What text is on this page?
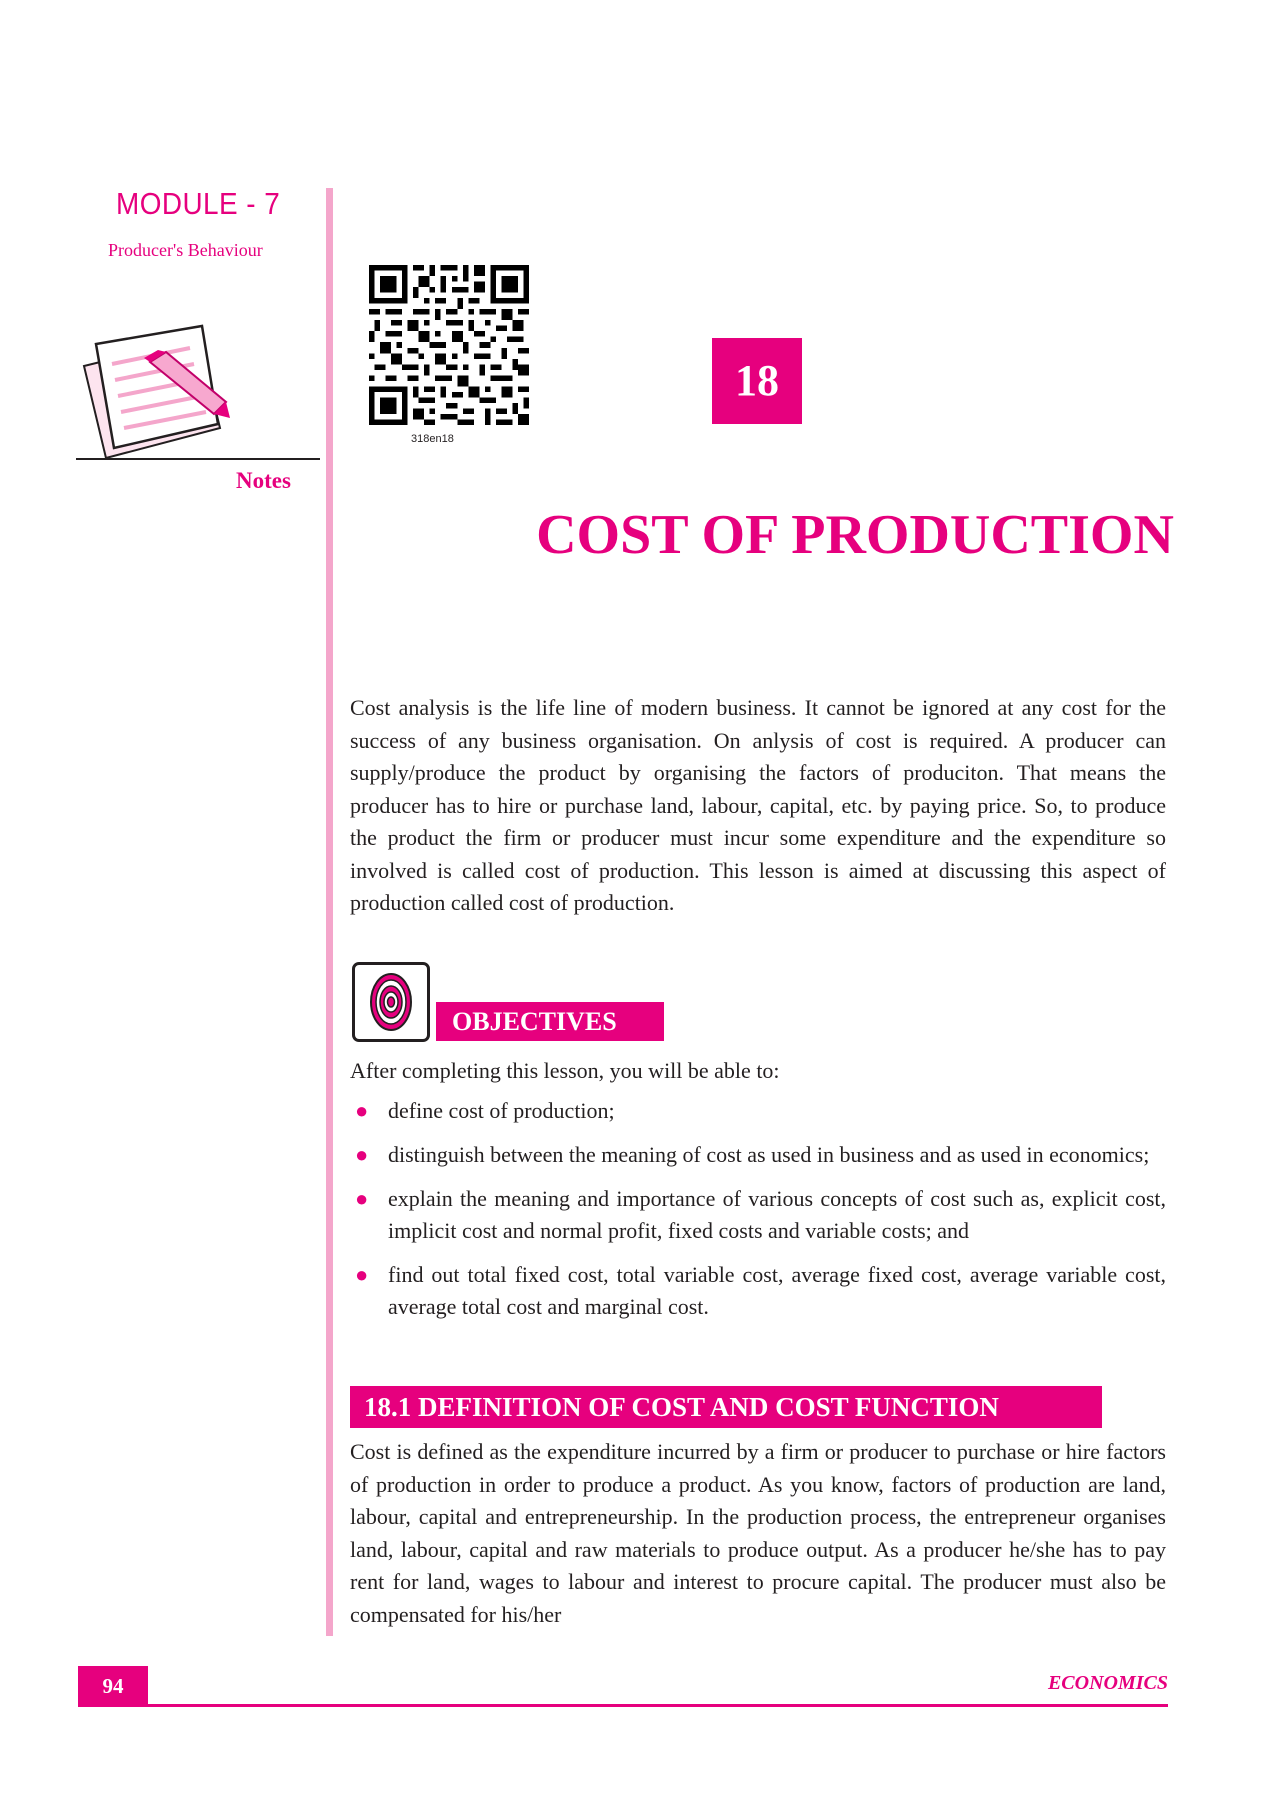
MODULE - 7
Producer's Behaviour
Notes
318en18
18
COST OF PRODUCTION

Cost analysis is the life line of modern business. It cannot be ignored at any cost for the success of any business organisation. On anlysis of cost is required. A producer can supply/produce the product by organising the factors of produciton. That means the producer has to hire or purchase land, labour, capital, etc. by paying price. So, to produce the product the firm or producer must incur some expenditure and the expenditure so involved is called cost of production. This lesson is aimed at discussing this aspect of production called cost of production.

OBJECTIVES
After completing this lesson, you will be able to:
● define cost of production;
● distinguish between the meaning of cost as used in business and as used in economics;
● explain the meaning and importance of various concepts of cost such as, explicit cost, implicit cost and normal profit, fixed costs and variable costs; and
● find out total fixed cost, total variable cost, average fixed cost, average variable cost, average total cost and marginal cost.
18.1 DEFINITION OF COST AND COST FUNCTION

Cost is defined as the expenditure incurred by a firm or producer to purchase or hire factors of production in order to produce a product. As you know, factors of production are land, labour, capital and entrepreneurship. In the production process, the entrepreneur organises land, labour, capital and raw materials to produce output. As a producer he/she has to pay rent for land, wages to labour and interest to procure capital. The producer must also be compensated for his/her

94	ECONOMICS
